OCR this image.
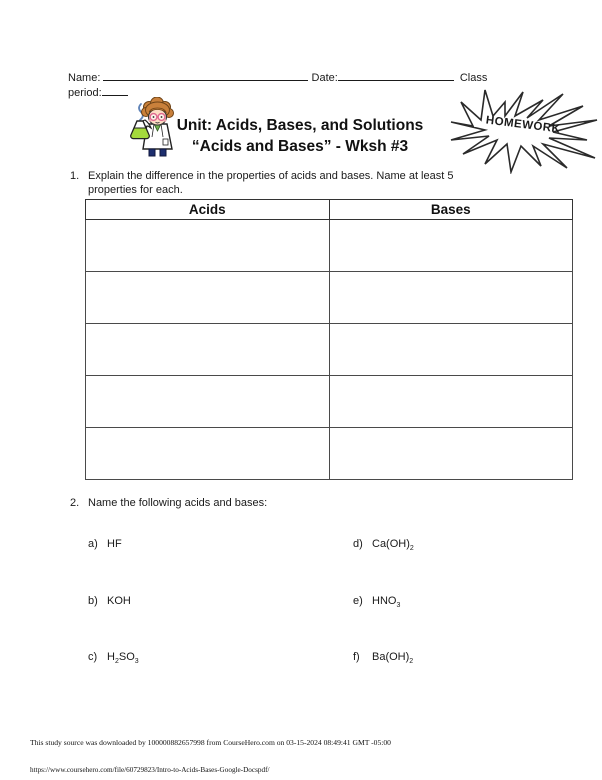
Name:	Date:	Class
period:
Unit: Acids, Bases, and Solutions
“Acids and Bases” - Wksh #3
HOMEWORK
1. Explain the difference in the properties of acids and bases. Name at least 5
properties for each.
Acids	Bases

2. Name the following acids and bases:
a) HF	d) $Ca(OH)_2$
b) KOH	e) $HNO_3$
c) $H_2SO_3$	f) $Ba(OH)_2$
This study source was downloaded by 100000882657998 from CourseHero.com on 03-15-2024 08:49:41 GMT -05:00
https://www.coursehero.com/file/60729823/Intro-to-Acids-Bases-Google-Docspdf/
